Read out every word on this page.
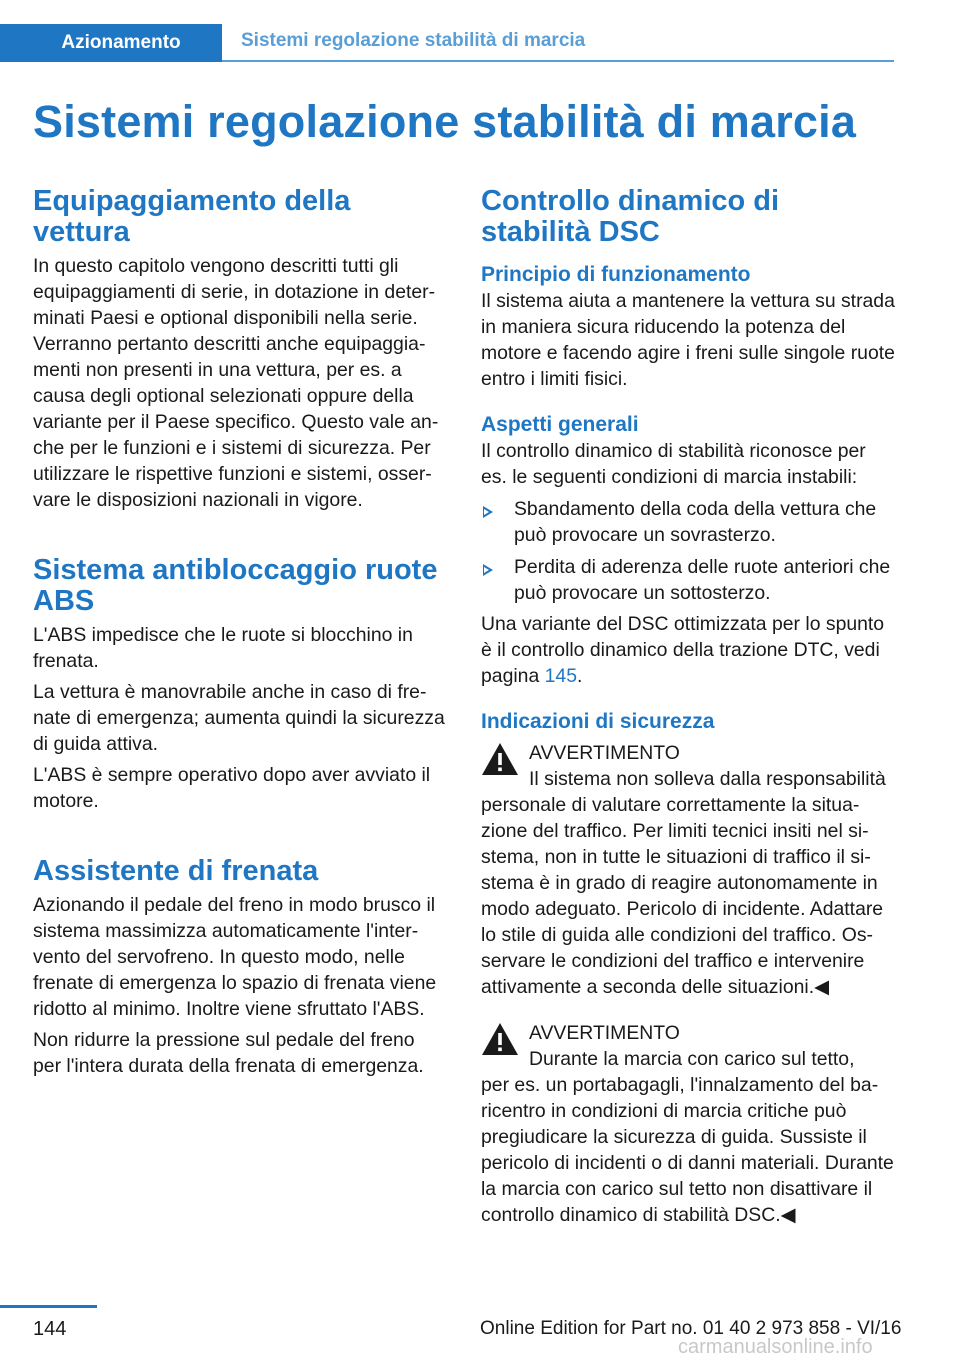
Azionamento	Sistemi regolazione stabilità di marcia
Sistemi regolazione stabilità di marcia
Equipaggiamento della vettura

In questo capitolo vengono descritti tutti gli equipaggiamenti di serie, in dotazione in determinati Paesi e optional disponibili nella serie. Verranno pertanto descritti anche equipaggiamenti non presenti in una vettura, per es. a causa degli optional selezionati oppure della variante per il Paese specifico. Questo vale anche per le funzioni e i sistemi di sicurezza. Per utilizzare le rispettive funzioni e sistemi, osservare le disposizioni nazionali in vigore.

Sistema antibloccaggio ruote ABS

L'ABS impedisce che le ruote si blocchino in frenata.

La vettura è manovrabile anche in caso di frenate di emergenza; aumenta quindi la sicurezza di guida attiva.

L'ABS è sempre operativo dopo aver avviato il motore.

Assistente di frenata

Azionando il pedale del freno in modo brusco il sistema massimizza automaticamente l'intervento del servofreno. In questo modo, nelle frenate di emergenza lo spazio di frenata viene ridotto al minimo. Inoltre viene sfruttato l'ABS.

Non ridurre la pressione sul pedale del freno per l'intera durata della frenata di emergenza.

Controllo dinamico di stabilità DSC
Principio di funzionamento

Il sistema aiuta a mantenere la vettura su strada in maniera sicura riducendo la potenza del motore e facendo agire i freni sulle singole ruote entro i limiti fisici.

Aspetti generali

Il controllo dinamico di stabilità riconosce per es. le seguenti condizioni di marcia instabili:

Sbandamento della coda della vettura che può provocare un sovrasterzo.
Perdita di aderenza delle ruote anteriori che può provocare un sottosterzo.

Una variante del DSC ottimizzata per lo spunto è il controllo dinamico della trazione DTC, vedi pagina 145.

Indicazioni di sicurezza
AVVERTIMENTO

Il sistema non solleva dalla responsabilità

personale di valutare correttamente la situazione del traffico. Per limiti tecnici insiti nel sistema, non in tutte le situazioni di traffico il sistema è in grado di reagire autonomamente in modo adeguato. Pericolo di incidente. Adattare lo stile di guida alle condizioni del traffico. Osservare le condizioni del traffico e intervenire attivamente a seconda delle situazioni.◀

AVVERTIMENTO

Durante la marcia con carico sul tetto,

per es. un portabagagli, l'innalzamento del baricentro in condizioni di marcia critiche può pregiudicare la sicurezza di guida. Sussiste il pericolo di incidenti o di danni materiali. Durante la marcia con carico sul tetto non disattivare il controllo dinamico di stabilità DSC.◀

144	Online Edition for Part no. 01 40 2 973 858 - VI/16
carmanualsonline.info
